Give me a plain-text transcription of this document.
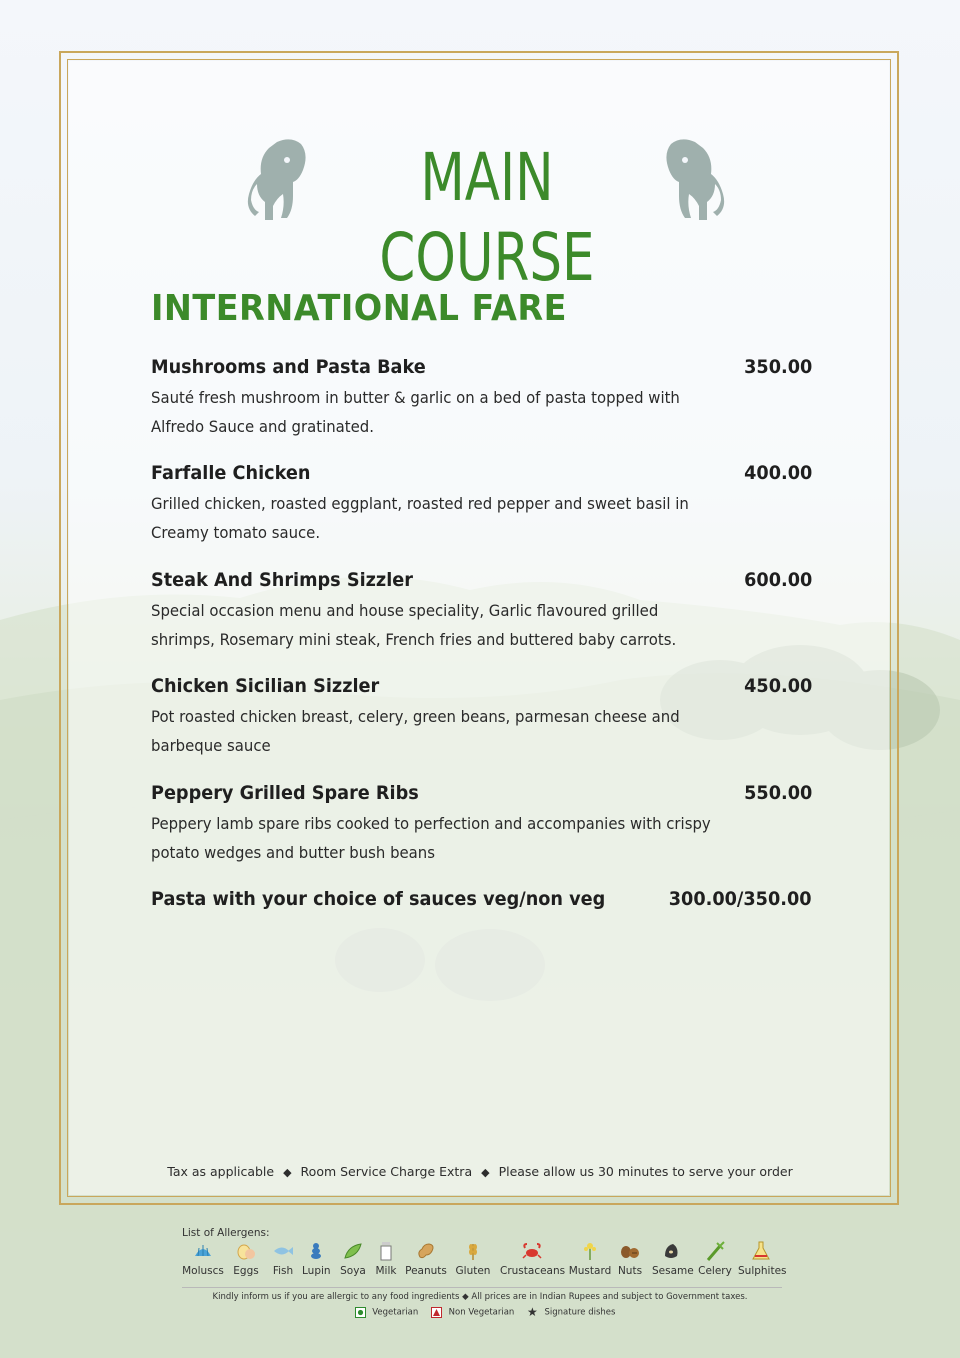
MAIN COURSE
INTERNATIONAL FARE
Mushrooms and Pasta Bake	350.00
Sauté fresh mushroom in butter & garlic on a bed of pasta topped with Alfredo Sauce and gratinated.
Farfalle Chicken	400.00
Grilled chicken, roasted eggplant, roasted red pepper and sweet basil in Creamy tomato sauce.
Steak And Shrimps Sizzler	600.00
Special occasion menu and house speciality, Garlic flavoured grilled shrimps, Rosemary mini steak, French fries and buttered baby carrots.
Chicken Sicilian Sizzler	450.00
Pot roasted chicken breast, celery, green beans, parmesan cheese and barbeque sauce
Peppery Grilled Spare Ribs	550.00
Peppery lamb spare ribs cooked to perfection and accompanies with crispy potato wedges and butter bush beans
Pasta with your choice of sauces veg/non veg	300.00/350.00
Tax as applicable ◆ Room Service Charge Extra ◆ Please allow us 30 minutes to serve your order
List of Allergens:
Moluscs Eggs Fish Lupin Soya Milk Peanuts Gluten Crustaceans Mustard Nuts Sesame Celery Sulphites
Kindly inform us if you are allergic to any food ingredients ◆ All prices are in Indian Rupees and subject to Government taxes.
Vegetarian	Non Vegetarian ★ Signature dishes
